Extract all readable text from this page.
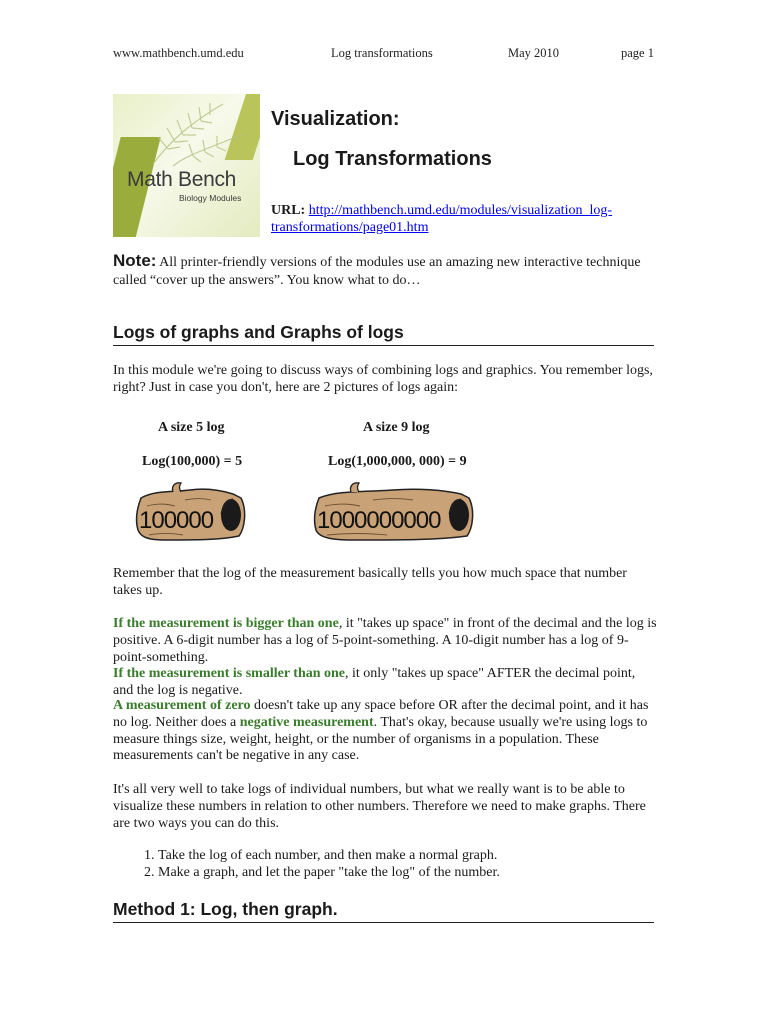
www.mathbench.umd.edu	Log transformations	May 2010	page 1
Math Bench
Biology Modules
Visualization:
Log Transformations
URL: http://mathbench.umd.edu/modules/visualization_log-
transformations/page01.htm
Note: All printer-friendly versions of the modules use an amazing new interactive technique called “cover up the answers”. You know what to do…
Logs of graphs and Graphs of logs
In this module we're going to discuss ways of combining logs and graphics. You remember logs, right? Just in case you don't, here are 2 pictures of logs again:
A size 5 log	A size 9 log
Log(100,000) = 5	Log(1,000,000, 000) = 9
100000	1000000000
Remember that the log of the measurement basically tells you how much space that number takes up.
If the measurement is bigger than one, it "takes up space" in front of the decimal and the log is positive. A 6-digit number has a log of 5-point-something. A 10-digit number has a log of 9-point-something.
If the measurement is smaller than one, it only "takes up space" AFTER the decimal point, and the log is negative.
A measurement of zero doesn't take up any space before OR after the decimal point, and it has no log. Neither does a negative measurement. That's okay, because usually we're using logs to measure things size, weight, height, or the number of organisms in a population. These measurements can't be negative in any case.
It's all very well to take logs of individual numbers, but what we really want is to be able to visualize these numbers in relation to other numbers. Therefore we need to make graphs. There are two ways you can do this.
1. Take the log of each number, and then make a normal graph.
2. Make a graph, and let the paper "take the log" of the number.
Method 1: Log, then graph.
